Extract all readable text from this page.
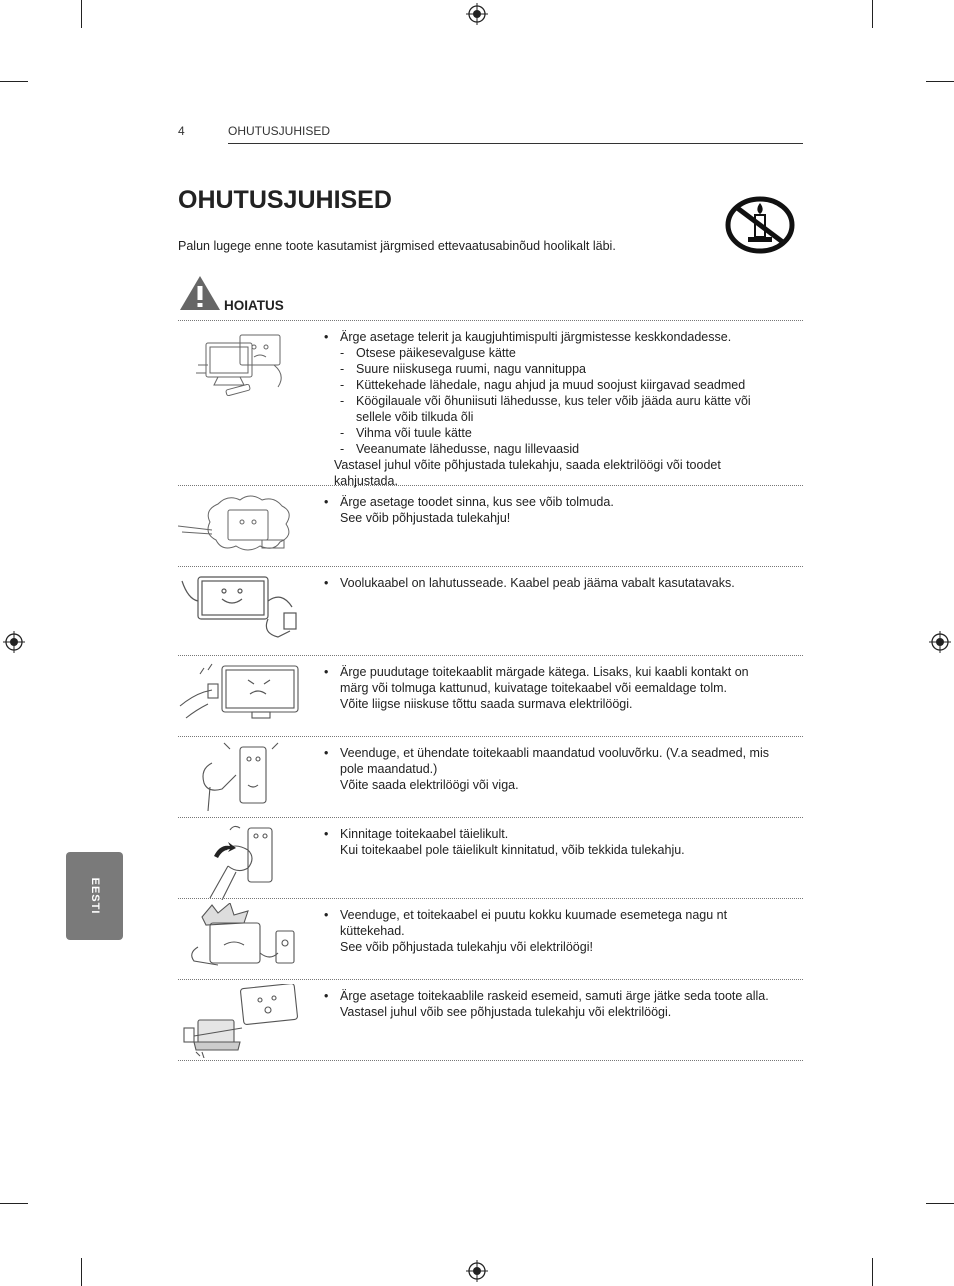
4	OHUTUSJUHISED
OHUTUSJUHISED
Palun lugege enne toote kasutamist järgmised ettevaatusabinõud hoolikalt läbi.
HOIATUS
• Ärge asetage telerit ja kaugjuhtimispulti järgmistesse keskkondadesse.
- Otsese päikesevalguse kätte
- Suure niiskusega ruumi, nagu vannituppa
- Küttekehade lähedale, nagu ahjud ja muud soojust kiirgavad seadmed
- Köögilauale või õhuniisuti lähedusse, kus teler võib jääda auru kätte või sellele võib tilkuda õli
- Vihma või tuule kätte
- Veeanumate lähedusse, nagu lillevaasid
Vastasel juhul võite põhjustada tulekahju, saada elektrilöögi või toodet kahjustada.
• Ärge asetage toodet sinna, kus see võib tolmuda.
See võib põhjustada tulekahju!
• Voolukaabel on lahutusseade. Kaabel peab jääma vabalt kasutatavaks.
• Ärge puudutage toitekaablit märgade kätega. Lisaks, kui kaabli kontakt on märg või tolmuga kattunud, kuivatage toitekaabel või eemaldage tolm.
Võite liigse niiskuse tõttu saada surmava elektrilöögi.
• Veenduge, et ühendate toitekaabli maandatud vooluvõrku. (V.a seadmed, mis pole maandatud.)
Võite saada elektrilöögi või viga.
• Kinnitage toitekaabel täielikult.
Kui toitekaabel pole täielikult kinnitatud, võib tekkida tulekahju.
• Veenduge, et toitekaabel ei puutu kokku kuumade esemetega nagu nt küttekehad.
See võib põhjustada tulekahju või elektrilöögi!
• Ärge asetage toitekaablile raskeid esemeid, samuti ärge jätke seda toote alla.
Vastasel juhul võib see põhjustada tulekahju või elektrilöögi.
EESTI
